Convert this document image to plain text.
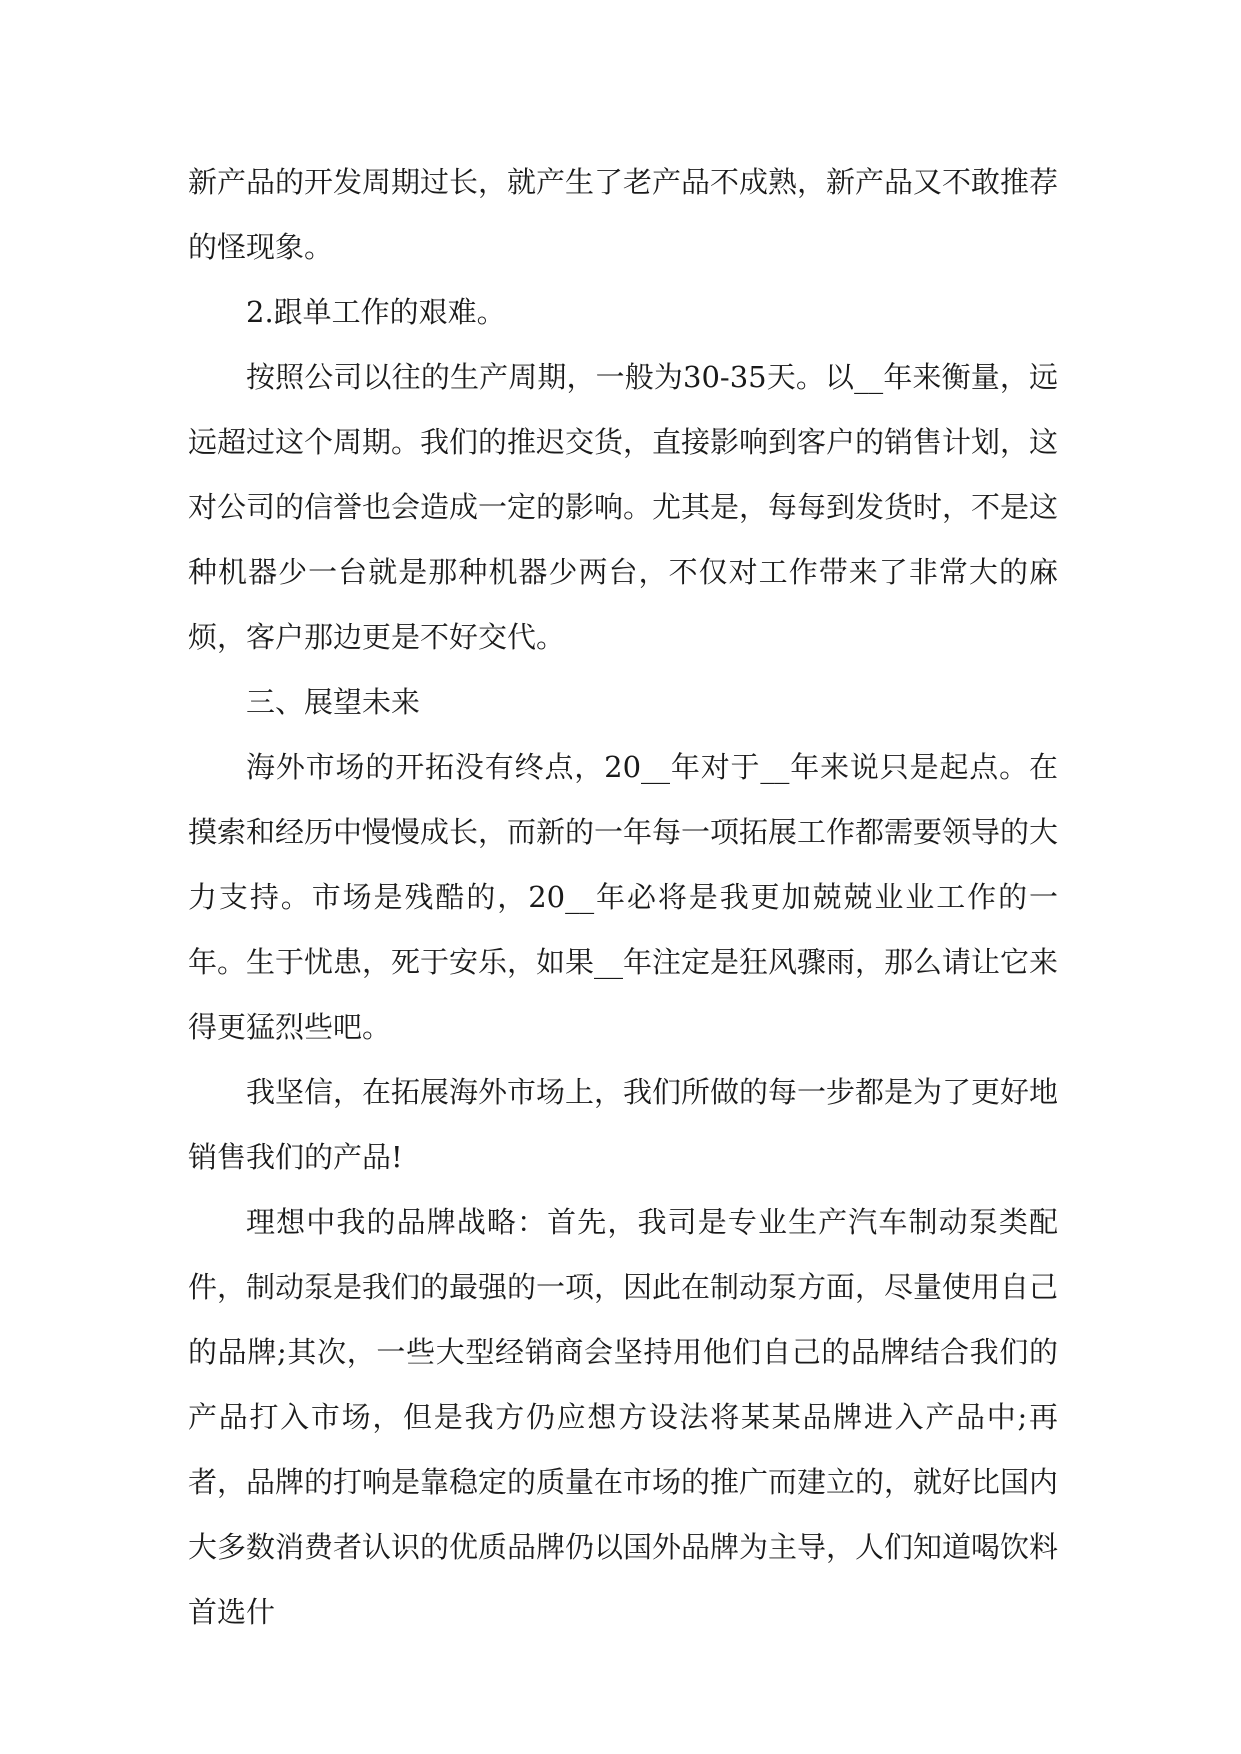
新产品的开发周期过长，就产生了老产品不成熟，新产品又不敢推荐的怪现象。

2.跟单工作的艰难。

按照公司以往的生产周期，一般为30-35天。以__年来衡量，远远超过这个周期。我们的推迟交货，直接影响到客户的销售计划，这对公司的信誉也会造成一定的影响。尤其是，每每到发货时，不是这种机器少一台就是那种机器少两台，不仅对工作带来了非常大的麻烦，客户那边更是不好交代。

三、展望未来

海外市场的开拓没有终点，20__年对于__年来说只是起点。在摸索和经历中慢慢成长，而新的一年每一项拓展工作都需要领导的大力支持。市场是残酷的，20__年必将是我更加兢兢业业工作的一年。生于忧患，死于安乐，如果__年注定是狂风骤雨，那么请让它来得更猛烈些吧。

我坚信，在拓展海外市场上，我们所做的每一步都是为了更好地销售我们的产品!

理想中我的品牌战略：首先，我司是专业生产汽车制动泵类配件，制动泵是我们的最强的一项，因此在制动泵方面，尽量使用自己的品牌;其次，一些大型经销商会坚持用他们自己的品牌结合我们的产品打入市场，但是我方仍应想方设法将某某品牌进入产品中;再者，品牌的打响是靠稳定的质量在市场的推广而建立的，就好比国内大多数消费者认识的优质品牌仍以国外品牌为主导，人们知道喝饮料首选什
